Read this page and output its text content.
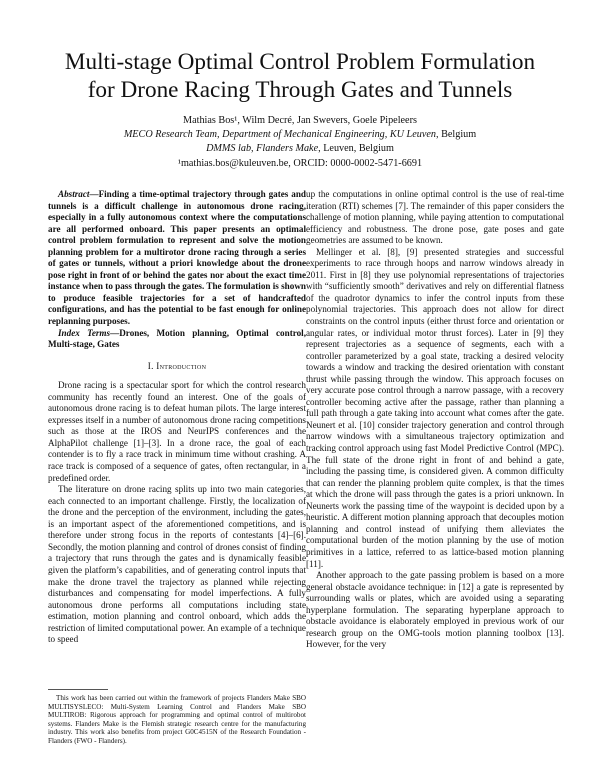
Multi-stage Optimal Control Problem Formulation
for Drone Racing Through Gates and Tunnels
Mathias Bos¹, Wilm Decré, Jan Swevers, Goele Pipeleers
MECO Research Team, Department of Mechanical Engineering, KU Leuven, Belgium
DMMS lab, Flanders Make, Leuven, Belgium
¹mathias.bos@kuleuven.be, ORCID: 0000-0002-5471-6691

Abstract—Finding a time-optimal trajectory through gates and tunnels is a difficult challenge in autonomous drone racing, especially in a fully autonomous context where the computations are all performed onboard. This paper presents an optimal control problem formulation to represent and solve the motion planning problem for a multirotor drone racing through a series of gates or tunnels, without a priori knowledge about the drone pose right in front of or behind the gates nor about the exact time instance when to pass through the gates. The formulation is shown to produce feasible trajectories for a set of handcrafted configurations, and has the potential to be fast enough for online replanning purposes.

Index Terms—Drones, Motion planning, Optimal control, Multi-stage, Gates

I. Introduction

Drone racing is a spectacular sport for which the control research community has recently found an interest. One of the goals of autonomous drone racing is to defeat human pilots. The large interest expresses itself in a number of autonomous drone racing competitions such as those at the IROS and NeurIPS conferences and the AlphaPilot challenge [1]–[3]. In a drone race, the goal of each contender is to fly a race track in minimum time without crashing. A race track is composed of a sequence of gates, often rectangular, in a predefined order.

The literature on drone racing splits up into two main categories, each connected to an important challenge. Firstly, the localization of the drone and the perception of the environment, including the gates, is an important aspect of the aforementioned competitions, and is therefore under strong focus in the reports of contestants [4]–[6]. Secondly, the motion planning and control of drones consist of finding a trajectory that runs through the gates and is dynamically feasible given the platform’s capabilities, and of generating control inputs that make the drone travel the trajectory as planned while rejecting disturbances and compensating for model imperfections. A fully autonomous drone performs all computations including state estimation, motion planning and control onboard, which adds the restriction of limited computational power. An example of a technique to speed

up the computations in online optimal control is the use of real-time iteration (RTI) schemes [7]. The remainder of this paper considers the challenge of motion planning, while paying attention to computational efficiency and robustness. The drone pose, gate poses and gate geometries are assumed to be known.

Mellinger et al. [8], [9] presented strategies and successful experiments to race through hoops and narrow windows already in 2011. First in [8] they use polynomial representations of trajectories with “sufficiently smooth” derivatives and rely on differential flatness of the quadrotor dynamics to infer the control inputs from these polynomial trajectories. This approach does not allow for direct constraints on the control inputs (either thrust force and orientation or angular rates, or individual motor thrust forces). Later in [9] they represent trajectories as a sequence of segments, each with a controller parameterized by a goal state, tracking a desired velocity towards a window and tracking the desired orientation with constant thrust while passing through the window. This approach focuses on very accurate pose control through a narrow passage, with a recovery controller becoming active after the passage, rather than planning a full path through a gate taking into account what comes after the gate. Neunert et al. [10] consider trajectory generation and control through narrow windows with a simultaneous trajectory optimization and tracking control approach using fast Model Predictive Control (MPC). The full state of the drone right in front of and behind a gate, including the passing time, is considered given. A common difficulty that can render the planning problem quite complex, is that the times at which the drone will pass through the gates is a priori unknown. In Neunerts work the passing time of the waypoint is decided upon by a heuristic. A different motion planning approach that decouples motion planning and control instead of unifying them alleviates the computational burden of the motion planning by the use of motion primitives in a lattice, referred to as lattice-based motion planning [11].

Another approach to the gate passing problem is based on a more general obstacle avoidance technique: in [12] a gate is represented by surrounding walls or plates, which are avoided using a separating hyperplane formulation. The separating hyperplane approach to obstacle avoidance is elaborately employed in previous work of our research group on the OMG-tools motion planning toolbox [13]. However, for the very

This work has been carried out within the framework of projects Flanders Make SBO MULTISYSLECO: Multi-System Learning Control and Flanders Make SBO MULTIROB: Rigorous approach for programming and optimal control of multirobot systems. Flanders Make is the Flemish strategic research centre for the manufacturing industry. This work also benefits from project G0C4515N of the Research Foundation - Flanders (FWO - Flanders).
